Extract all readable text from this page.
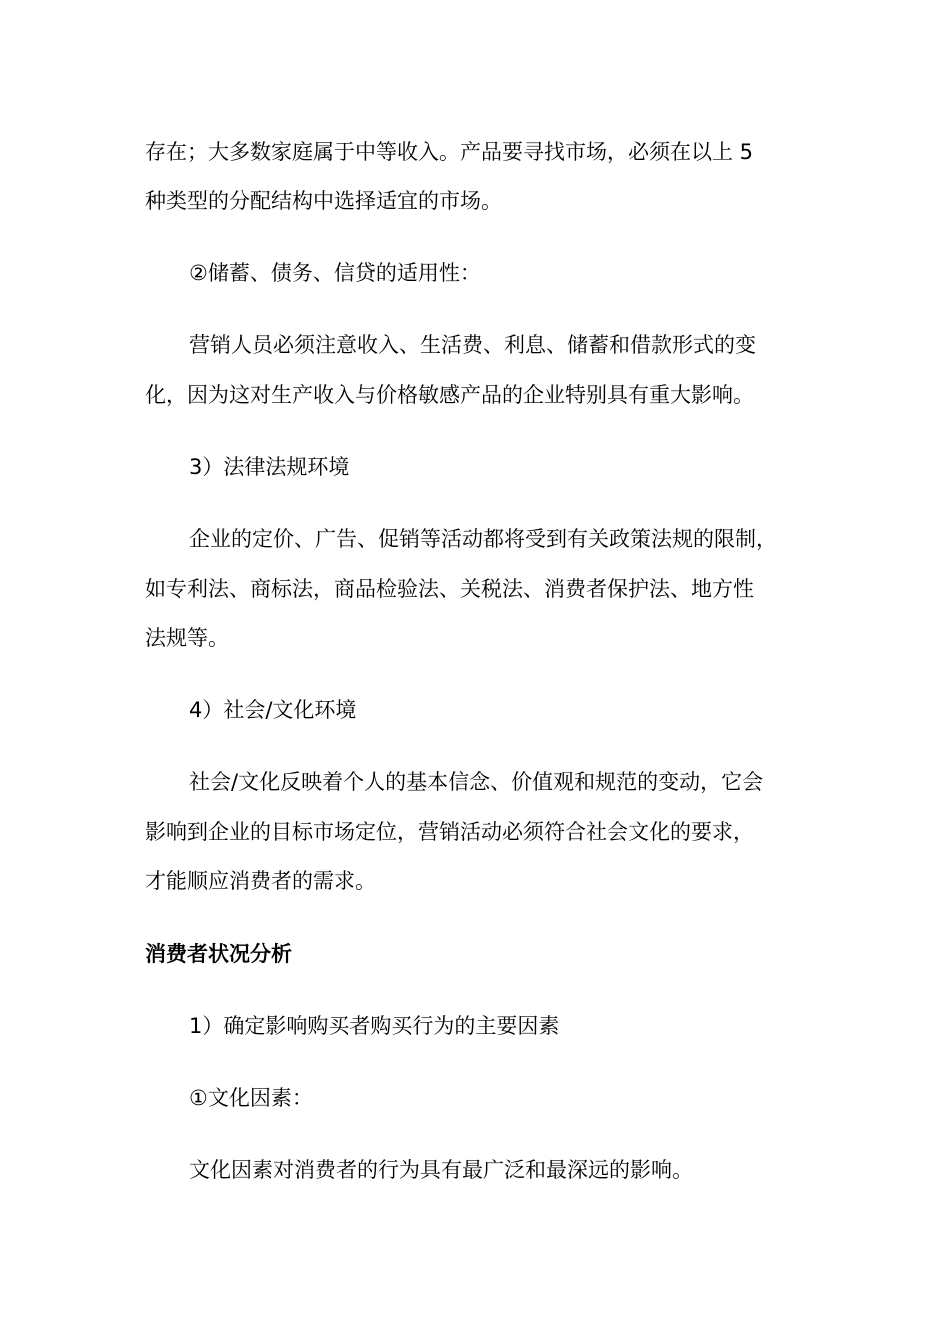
存在；大多数家庭属于中等收入。产品要寻找市场，必须在以上 5
种类型的分配结构中选择适宜的市场。
②储蓄、债务、信贷的适用性：
营销人员必须注意收入、生活费、利息、储蓄和借款形式的变
化，因为这对生产收入与价格敏感产品的企业特别具有重大影响。
3）法律法规环境
企业的定价、广告、促销等活动都将受到有关政策法规的限制，
如专利法、商标法，商品检验法、关税法、消费者保护法、地方性
法规等。
4）社会/文化环境
社会/文化反映着个人的基本信念、价值观和规范的变动，它会
影响到企业的目标市场定位，营销活动必须符合社会文化的要求，
才能顺应消费者的需求。
消费者状况分析
1）确定影响购买者购买行为的主要因素
①文化因素：
文化因素对消费者的行为具有最广泛和最深远的影响。
